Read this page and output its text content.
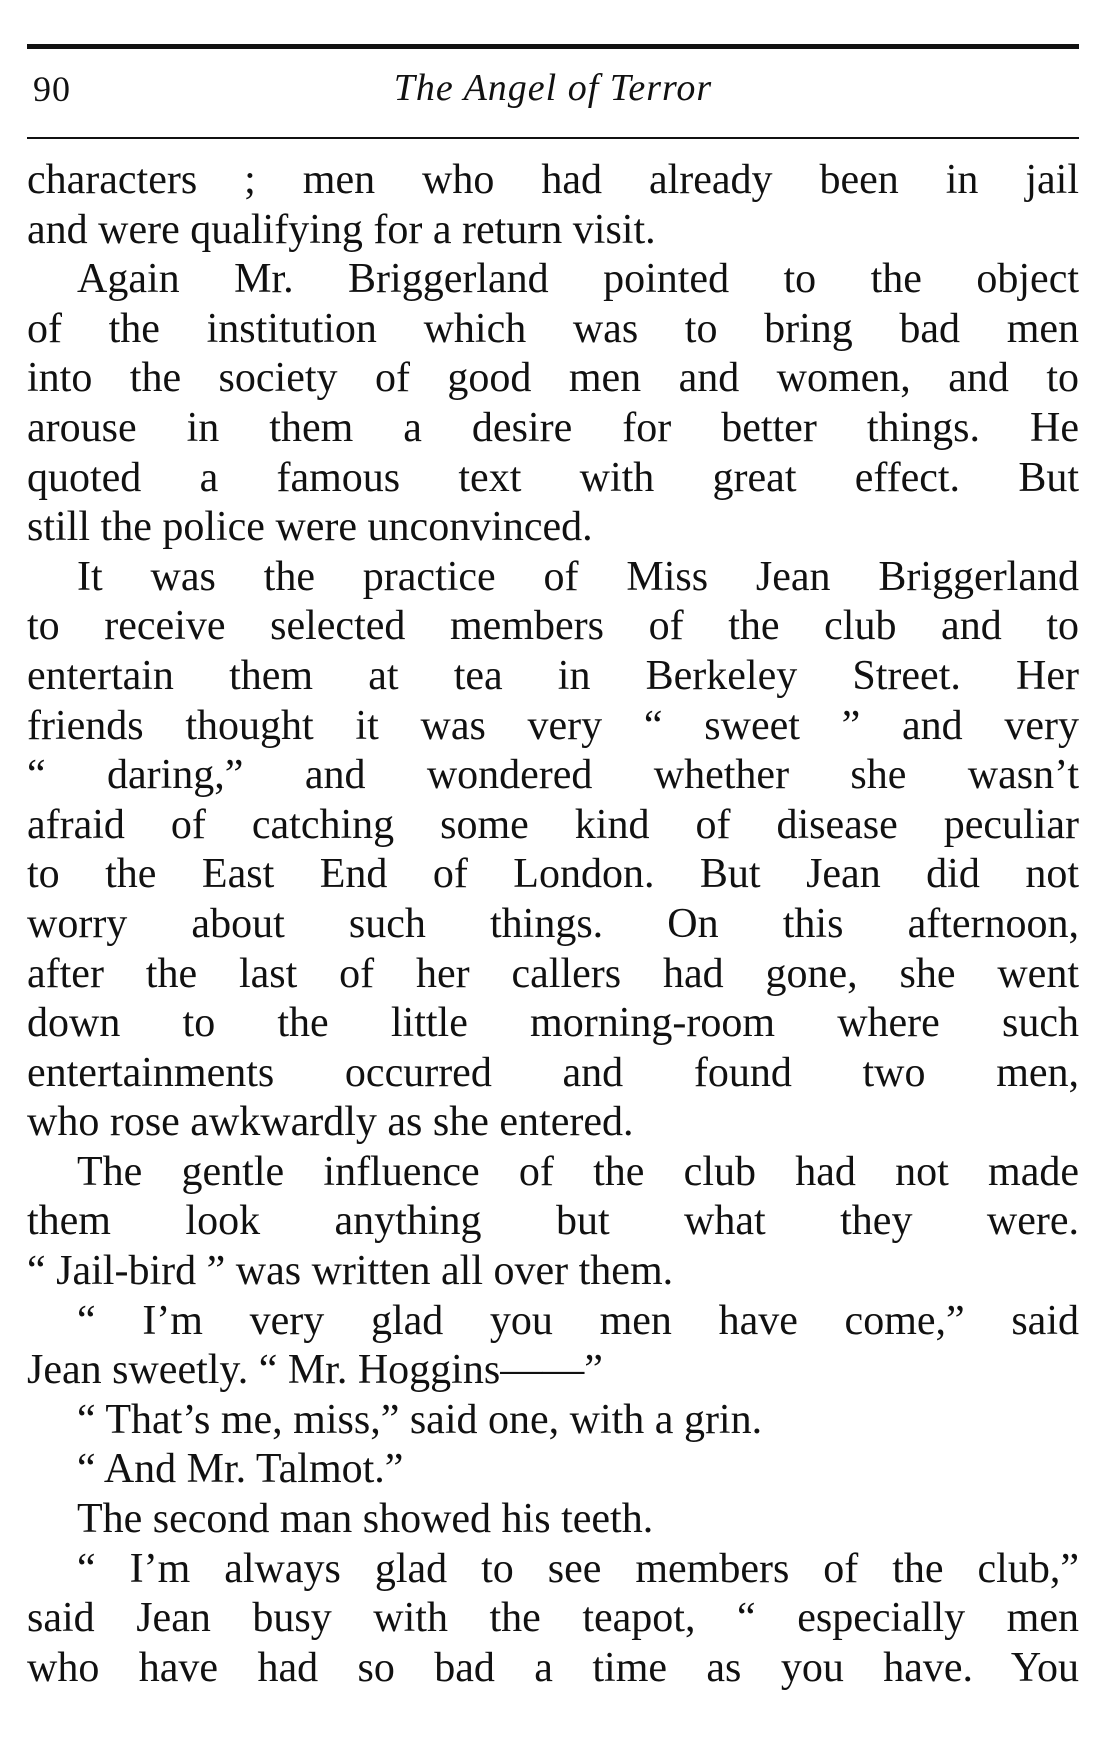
90	The Angel of Terror
characters ; men who had already been in jail
and were qualifying for a return visit.
Again Mr. Briggerland pointed to the object
of the institution which was to bring bad men
into the society of good men and women, and to
arouse in them a desire for better things. He
quoted a famous text with great effect. But
still the police were unconvinced.
It was the practice of Miss Jean Briggerland
to receive selected members of the club and to
entertain them at tea in Berkeley Street. Her
friends thought it was very “ sweet ” and very
“ daring,” and wondered whether she wasn’t
afraid of catching some kind of disease peculiar
to the East End of London. But Jean did not
worry about such things. On this afternoon,
after the last of her callers had gone, she went
down to the little morning-room where such
entertainments occurred and found two men,
who rose awkwardly as she entered.
The gentle influence of the club had not made
them look anything but what they were.
“ Jail-bird ” was written all over them.
“ I’m very glad you men have come,” said
Jean sweetly. “ Mr. Hoggins——”
“ That’s me, miss,” said one, with a grin.
“ And Mr. Talmot.”
The second man showed his teeth.
“ I’m always glad to see members of the club,”
said Jean busy with the teapot, “ especially men
who have had so bad a time as you have. You
